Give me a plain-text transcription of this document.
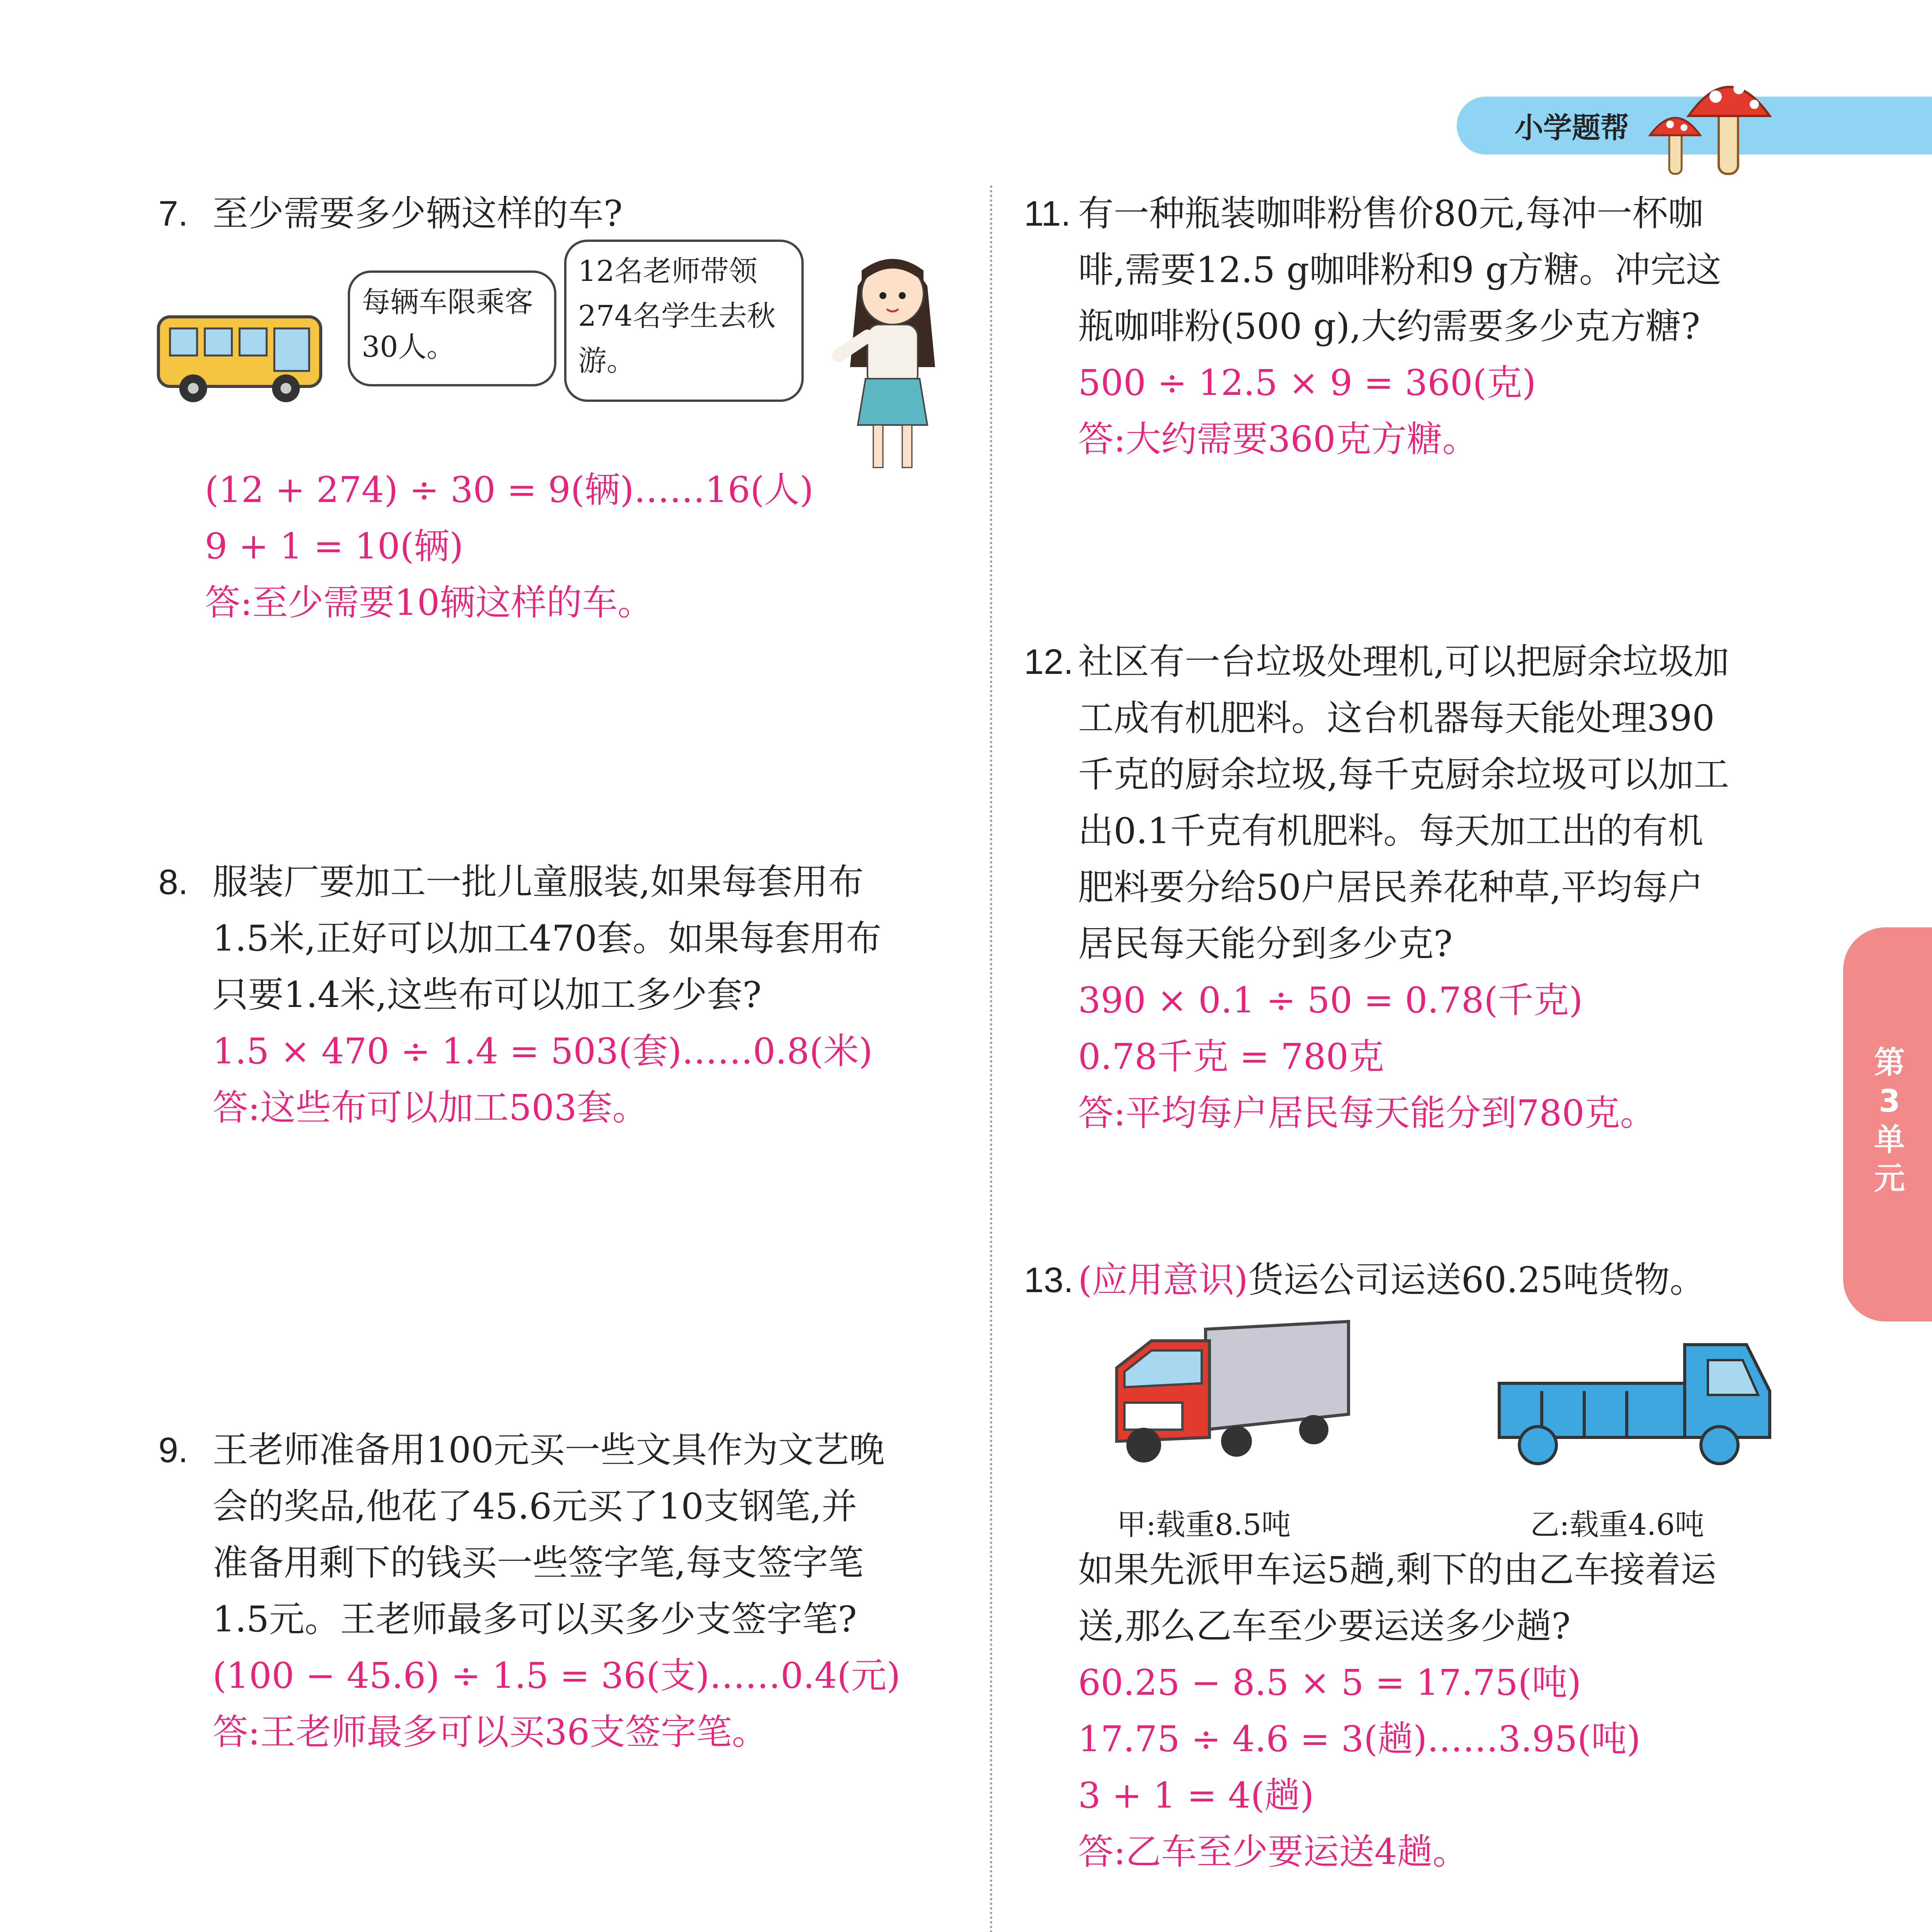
小学题帮
第3单元
7. 至少需要多少辆这样的车?
每辆车限乘客30人。
12名老师带领274名学生去秋游。
(12 + 274) ÷ 30 = 9(辆)……16(人)
9 + 1 = 10(辆)
答:至少需要10辆这样的车。
8. 服装厂要加工一批儿童服装,如果每套用布
1.5米,正好可以加工470套。如果每套用布
只要1.4米,这些布可以加工多少套?
1.5 × 470 ÷ 1.4 = 503(套)……0.8(米)
答:这些布可以加工503套。
9. 王老师准备用100元买一些文具作为文艺晚
会的奖品,他花了45.6元买了10支钢笔,并
准备用剩下的钱买一些签字笔,每支签字笔
1.5元。王老师最多可以买多少支签字笔?
(100 − 45.6) ÷ 1.5 = 36(支)……0.4(元)
答:王老师最多可以买36支签字笔。
11. 有一种瓶装咖啡粉售价80元,每冲一杯咖
啡,需要12.5 g咖啡粉和9 g方糖。冲完这
瓶咖啡粉(500 g),大约需要多少克方糖?
500 ÷ 12.5 × 9 = 360(克)
答:大约需要360克方糖。
12. 社区有一台垃圾处理机,可以把厨余垃圾加
工成有机肥料。这台机器每天能处理390
千克的厨余垃圾,每千克厨余垃圾可以加工
出0.1千克有机肥料。每天加工出的有机
肥料要分给50户居民养花种草,平均每户
居民每天能分到多少克?
390 × 0.1 ÷ 50 = 0.78(千克)
0.78千克 = 780克
答:平均每户居民每天能分到780克。
13. (应用意识)货运公司运送60.25吨货物。
甲:载重8.5吨	乙:载重4.6吨
如果先派甲车运5趟,剩下的由乙车接着运
送,那么乙车至少要运送多少趟?
60.25 − 8.5 × 5 = 17.75(吨)
17.75 ÷ 4.6 = 3(趟)……3.95(吨)
3 + 1 = 4(趟)
答:乙车至少要运送4趟。
